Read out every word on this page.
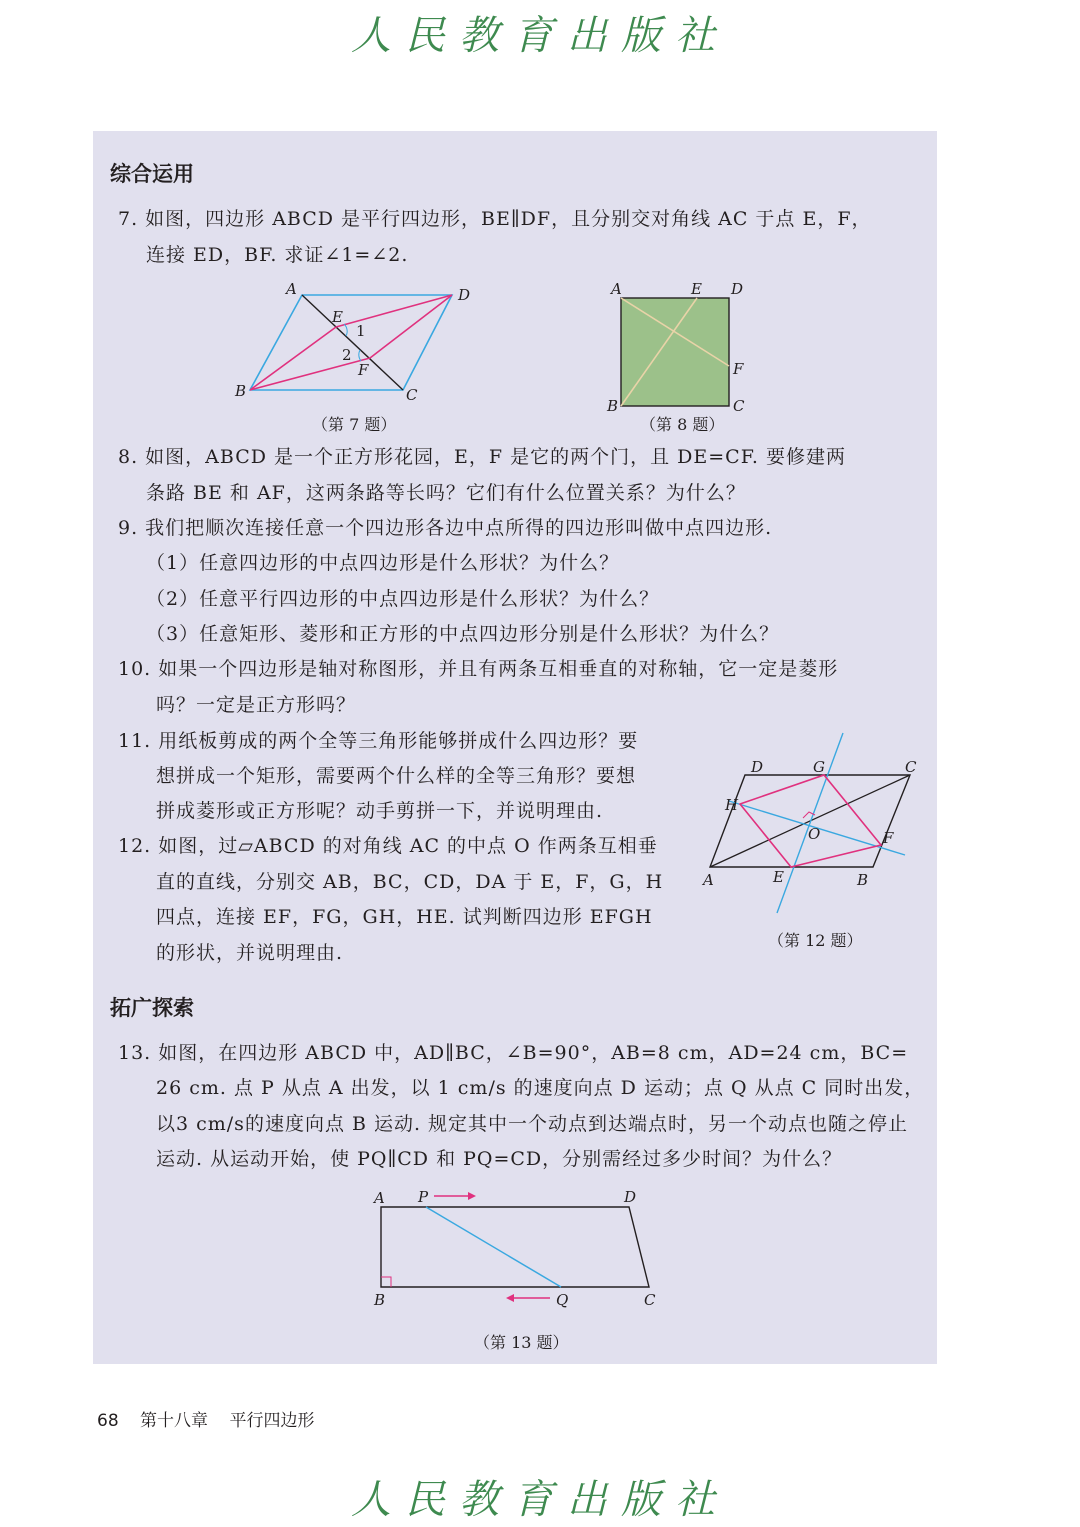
人民教育出版社
综合运用
7. 如图，四边形 ABCD 是平行四边形，BE∥DF，且分别交对角线 AC 于点 E，F，
连接 ED，BF. 求证∠1=∠2.
A	D
B	C
E
F
1
2
（第 7 题）
A	E D
F
B	C
（第 8 题）
8. 如图，ABCD 是一个正方形花园，E，F 是它的两个门，且 DE=CF. 要修建两
条路 BE 和 AF，这两条路等长吗？它们有什么位置关系？为什么？
9. 我们把顺次连接任意一个四边形各边中点所得的四边形叫做中点四边形.
（1）任意四边形的中点四边形是什么形状？为什么？
（2）任意平行四边形的中点四边形是什么形状？为什么？
（3）任意矩形、菱形和正方形的中点四边形分别是什么形状？为什么？
10. 如果一个四边形是轴对称图形，并且有两条互相垂直的对称轴，它一定是菱形
吗？一定是正方形吗？
11. 用纸板剪成的两个全等三角形能够拼成什么四边形？要
想拼成一个矩形，需要两个什么样的全等三角形？要想
拼成菱形或正方形呢？动手剪拼一下，并说明理由.
12. 如图，过▱ABCD 的对角线 AC 的中点 O 作两条互相垂
直的直线，分别交 AB，BC，CD，DA 于 E，F，G，H
四点，连接 EF，FG，GH，HE. 试判断四边形 EFGH
的形状，并说明理由.
D	G	C
H
O	F
A	E	B
（第 12 题）
拓广探索
13. 如图，在四边形 ABCD 中，AD∥BC，∠B=90°，AB=8 cm，AD=24 cm，BC=
26 cm. 点 P 从点 A 出发，以 1 cm/s 的速度向点 D 运动；点 Q 从点 C 同时出发，
以3 cm/s的速度向点 B 运动. 规定其中一个动点到达端点时，另一个动点也随之停止
运动. 从运动开始，使 PQ∥CD 和 PQ=CD，分别需经过多少时间？为什么？
A P	D
B	Q	C
（第 13 题）
68 第十八章 平行四边形
人民教育出版社
